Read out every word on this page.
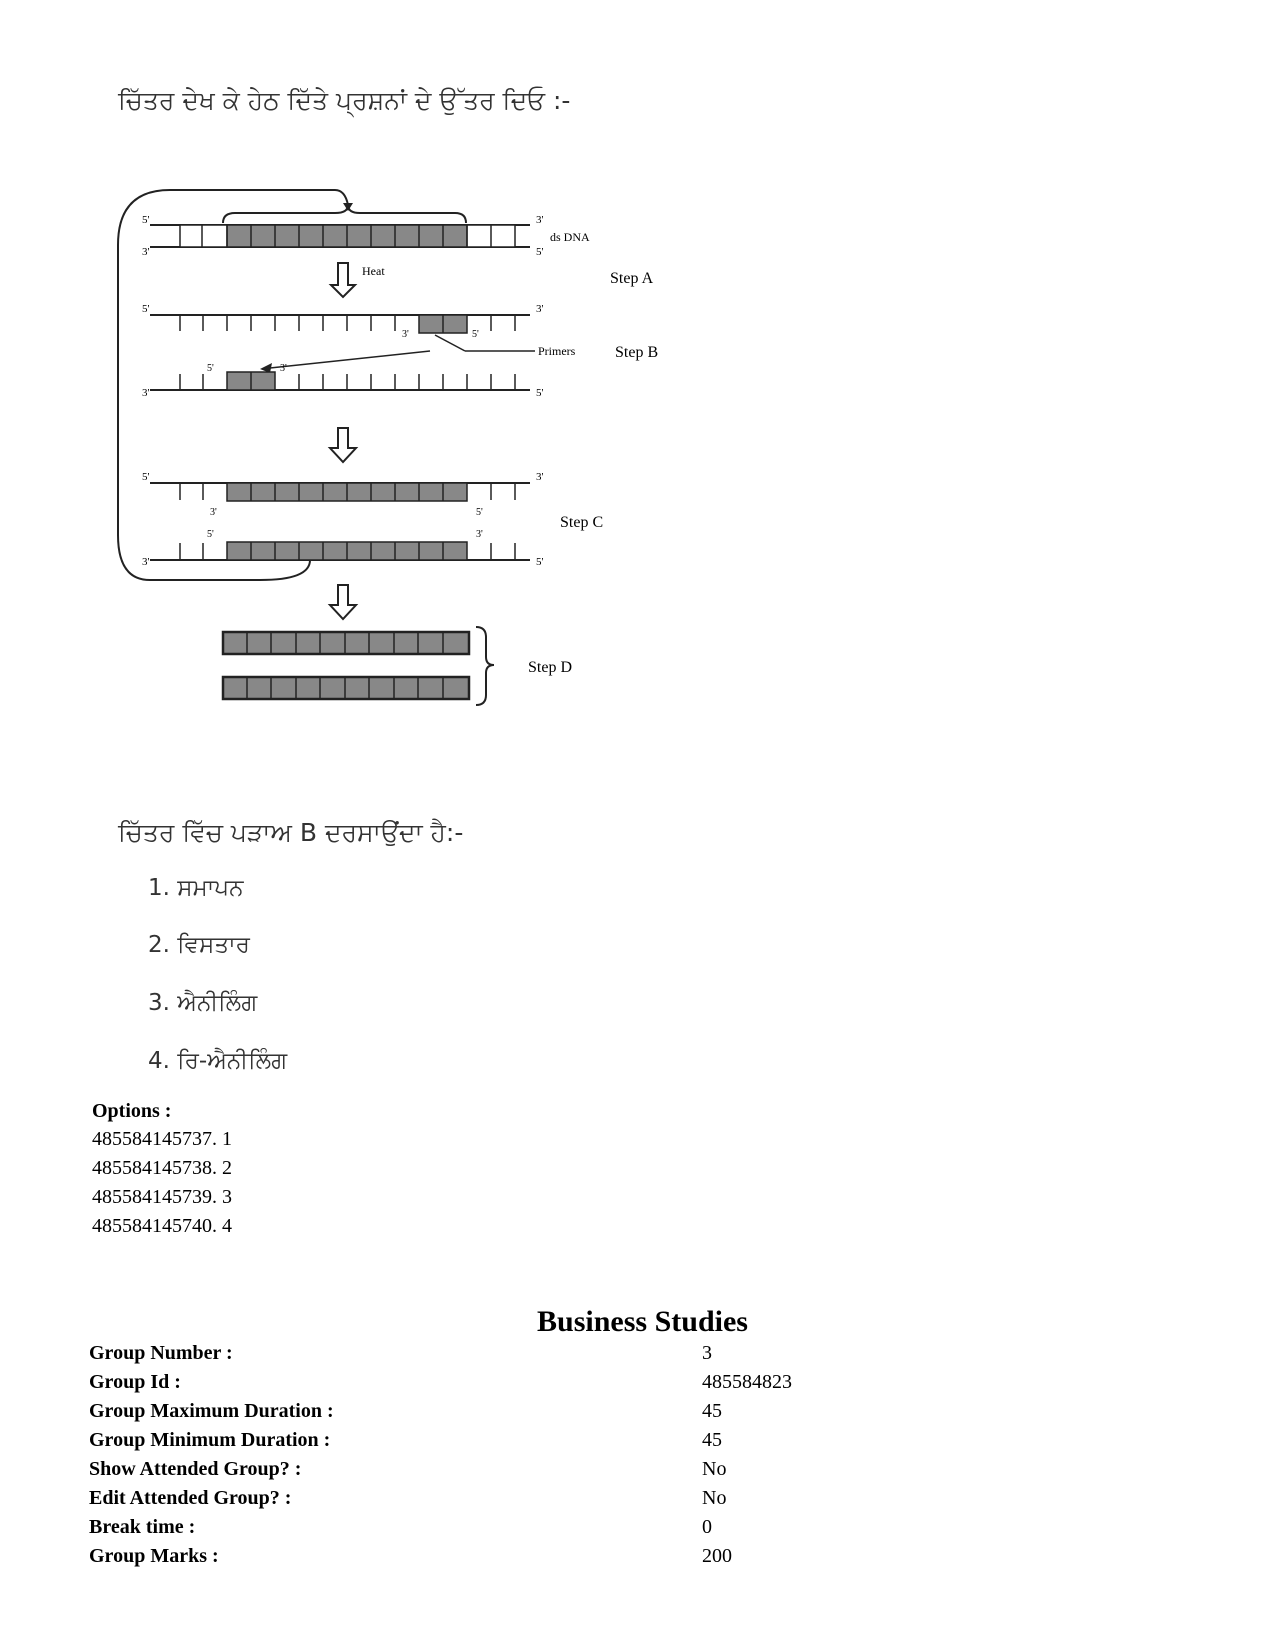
ਚਿੱਤਰ ਦੇਖ ਕੇ ਹੇਠ ਦਿੱਤੇ ਪ੍ਰਸ਼ਨਾਂ ਦੇ ਉੱਤਰ ਦਿਓ :-
5'
3'
3'
5'
ds DNA
Heat	Step A
5'	3'
3'	5'
Primers Step B
5'	3'
3'	5'
5'	3'
3'	5'
Step C
5'	3'
3'	5'
Step D
ਚਿੱਤਰ ਵਿੱਚ ਪੜਾਅ B ਦਰਸਾਉਂਦਾ ਹੈ:-
1. ਸਮਾਪਨ
2. ਵਿਸਤਾਰ
3. ਐਨੀਲਿੰਗ
4. ਰਿ-ਐਨੀਲਿੰਗ
Options :
485584145737. 1
485584145738. 2
485584145739. 3
485584145740. 4
Business Studies
Group Number :	3
Group Id :	485584823
Group Maximum Duration :	45
Group Minimum Duration :	45
Show Attended Group? :	No
Edit Attended Group? :	No
Break time :	0
Group Marks :	200
